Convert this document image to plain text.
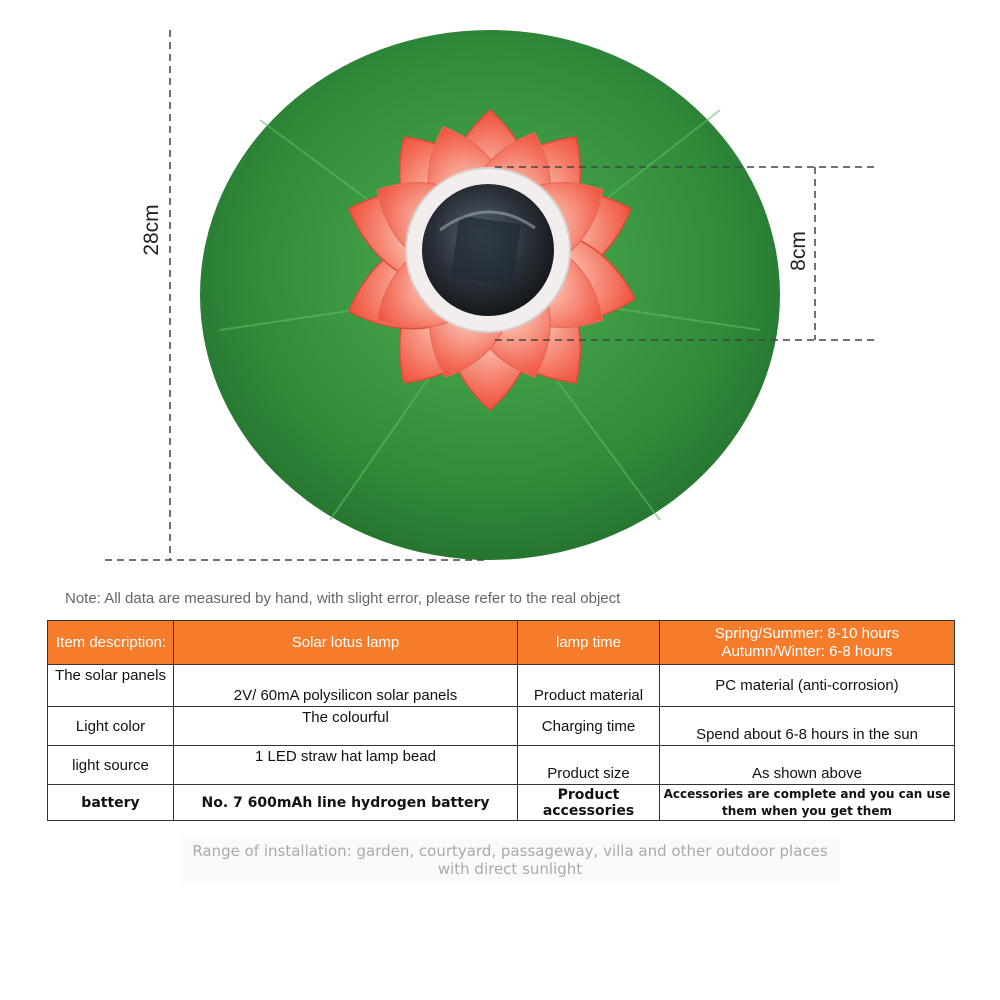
28cm	8cm
Note: All data are measured by hand, with slight error, please refer to the real object
Item description:	Solar lotus lamp	lamp time	Spring/Summer: 8-10 hours
Autumn/Winter: 6-8 hours

The solar panels	2V/ 60mA polysilicon solar panels	Product material	PC material (anti-corrosion)
Light color	The colourful	Charging time	Spend about 6-8 hours in the sun
light source	1 LED straw hat lamp bead	Product size	As shown above
battery	No. 7 600mAh line hydrogen battery	Product accessories	Accessories are complete and you can use
them when you get them
Range of installation: garden, courtyard, passageway, villa and other outdoor places
with direct sunlight
